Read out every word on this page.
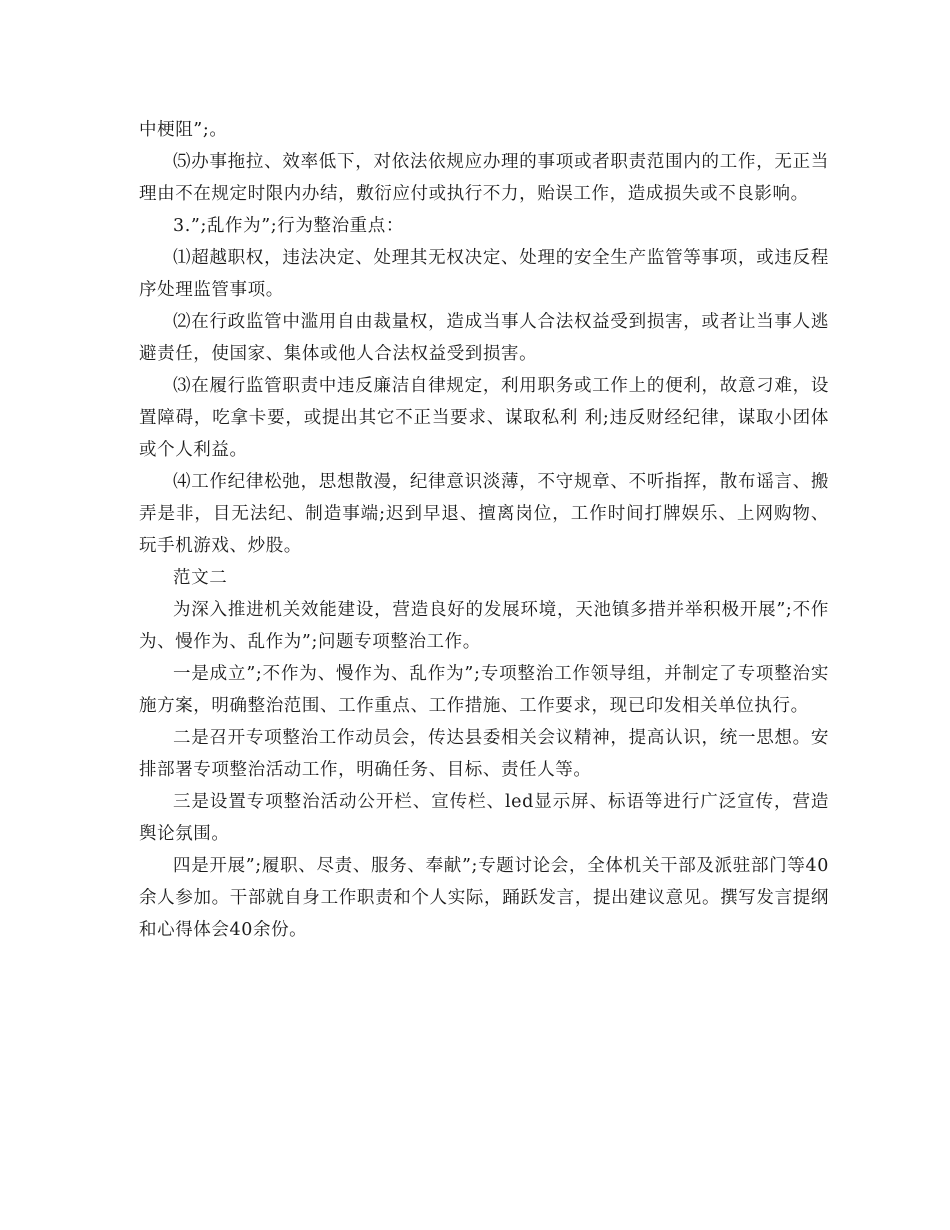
中梗阻”;。

⑸办事拖拉、效率低下，对依法依规应办理的事项或者职责范围内的工作，无正当理由不在规定时限内办结，敷衍应付或执行不力，贻误工作，造成损失或不良影响。

3.”;乱作为”;行为整治重点：

⑴超越职权，违法决定、处理其无权决定、处理的安全生产监管等事项，或违反程序处理监管事项。

⑵在行政监管中滥用自由裁量权，造成当事人合法权益受到损害，或者让当事人逃避责任，使国家、集体或他人合法权益受到损害。

⑶在履行监管职责中违反廉洁自律规定，利用职务或工作上的便利，故意刁难，设置障碍，吃拿卡要，或提出其它不正当要求、谋取私利 利;违反财经纪律，谋取小团体或个人利益。

⑷工作纪律松弛，思想散漫，纪律意识淡薄，不守规章、不听指挥，散布谣言、搬弄是非，目无法纪、制造事端;迟到早退、擅离岗位，工作时间打牌娱乐、上网购物、玩手机游戏、炒股。

范文二

为深入推进机关效能建设，营造良好的发展环境，天池镇多措并举积极开展”;不作为、慢作为、乱作为”;问题专项整治工作。

一是成立”;不作为、慢作为、乱作为”;专项整治工作领导组，并制定了专项整治实施方案，明确整治范围、工作重点、工作措施、工作要求，现已印发相关单位执行。

二是召开专项整治工作动员会，传达县委相关会议精神，提高认识，统一思想。安排部署专项整治活动工作，明确任务、目标、责任人等。

三是设置专项整治活动公开栏、宣传栏、led显示屏、标语等进行广泛宣传，营造舆论氛围。

四是开展”;履职、尽责、服务、奉献”;专题讨论会，全体机关干部及派驻部门等40余人参加。干部就自身工作职责和个人实际，踊跃发言，提出建议意见。撰写发言提纲和心得体会40余份。
